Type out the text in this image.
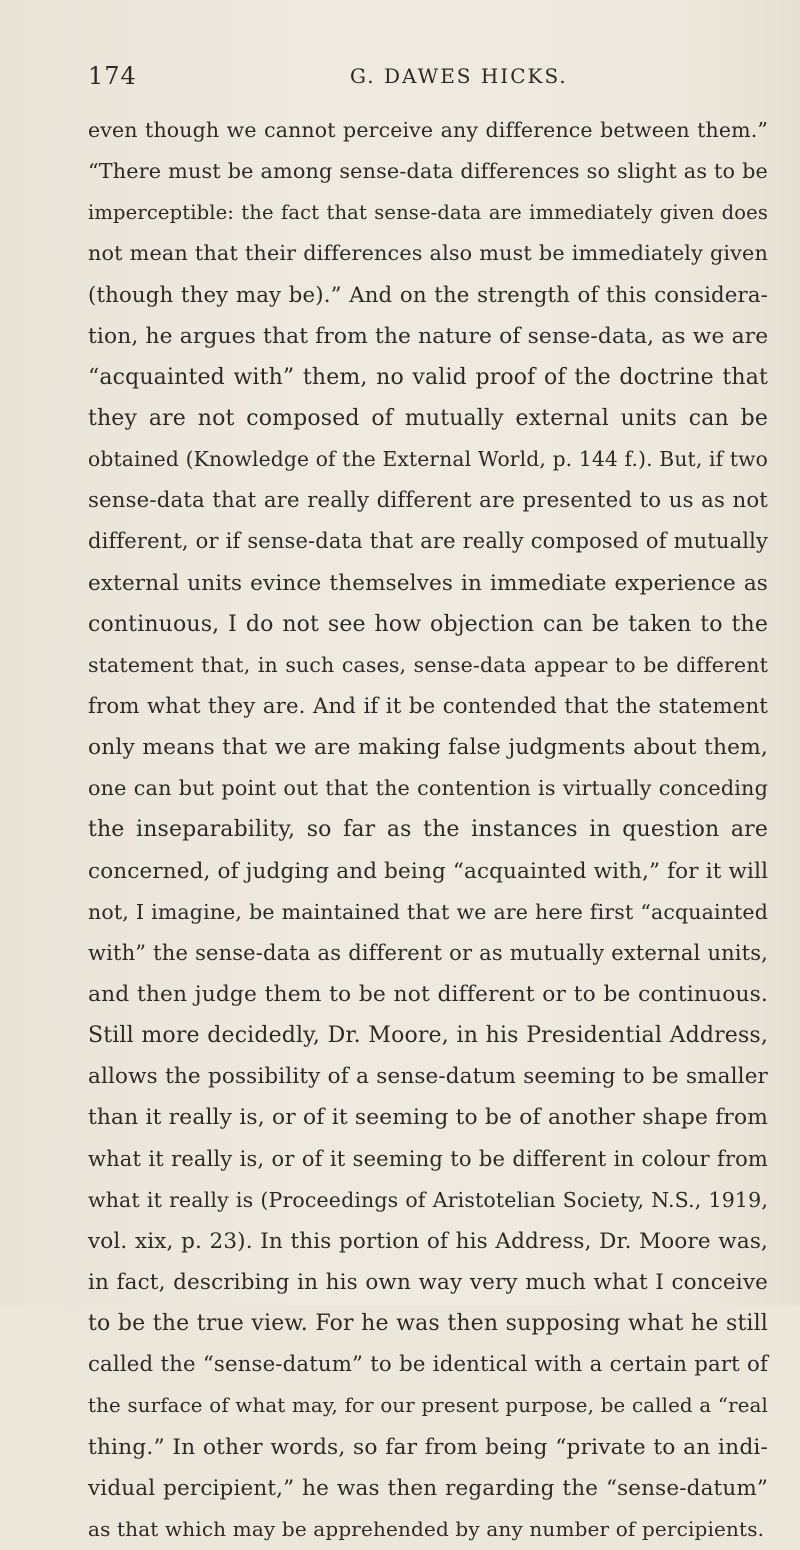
174	G. DAWES HICKS.
even though we cannot perceive any difference between them.”
“There must be among sense-data differences so slight as to be
imperceptible: the fact that sense-data are immediately given does
not mean that their differences also must be immediately given
(though they may be).” And on the strength of this considera-
tion, he argues that from the nature of sense-data, as we are
“acquainted with” them, no valid proof of the doctrine that
they are not composed of mutually external units can be
obtained (Knowledge of the External World, p. 144 f.). But, if two
sense-data that are really different are presented to us as not
different, or if sense-data that are really composed of mutually
external units evince themselves in immediate experience as
continuous, I do not see how objection can be taken to the
statement that, in such cases, sense-data appear to be different
from what they are. And if it be contended that the statement
only means that we are making false judgments about them,
one can but point out that the contention is virtually conceding
the inseparability, so far as the instances in question are
concerned, of judging and being “acquainted with,” for it will
not, I imagine, be maintained that we are here first “acquainted
with” the sense-data as different or as mutually external units,
and then judge them to be not different or to be continuous.
Still more decidedly, Dr. Moore, in his Presidential Address,
allows the possibility of a sense-datum seeming to be smaller
than it really is, or of it seeming to be of another shape from
what it really is, or of it seeming to be different in colour from
what it really is (Proceedings of Aristotelian Society, N.S., 1919,
vol. xix, p. 23). In this portion of his Address, Dr. Moore was,
in fact, describing in his own way very much what I conceive
to be the true view. For he was then supposing what he still
called the “sense-datum” to be identical with a certain part of
the surface of what may, for our present purpose, be called a “real
thing.” In other words, so far from being “private to an indi-
vidual percipient,” he was then regarding the “sense-datum”
as that which may be apprehended by any number of percipients.
